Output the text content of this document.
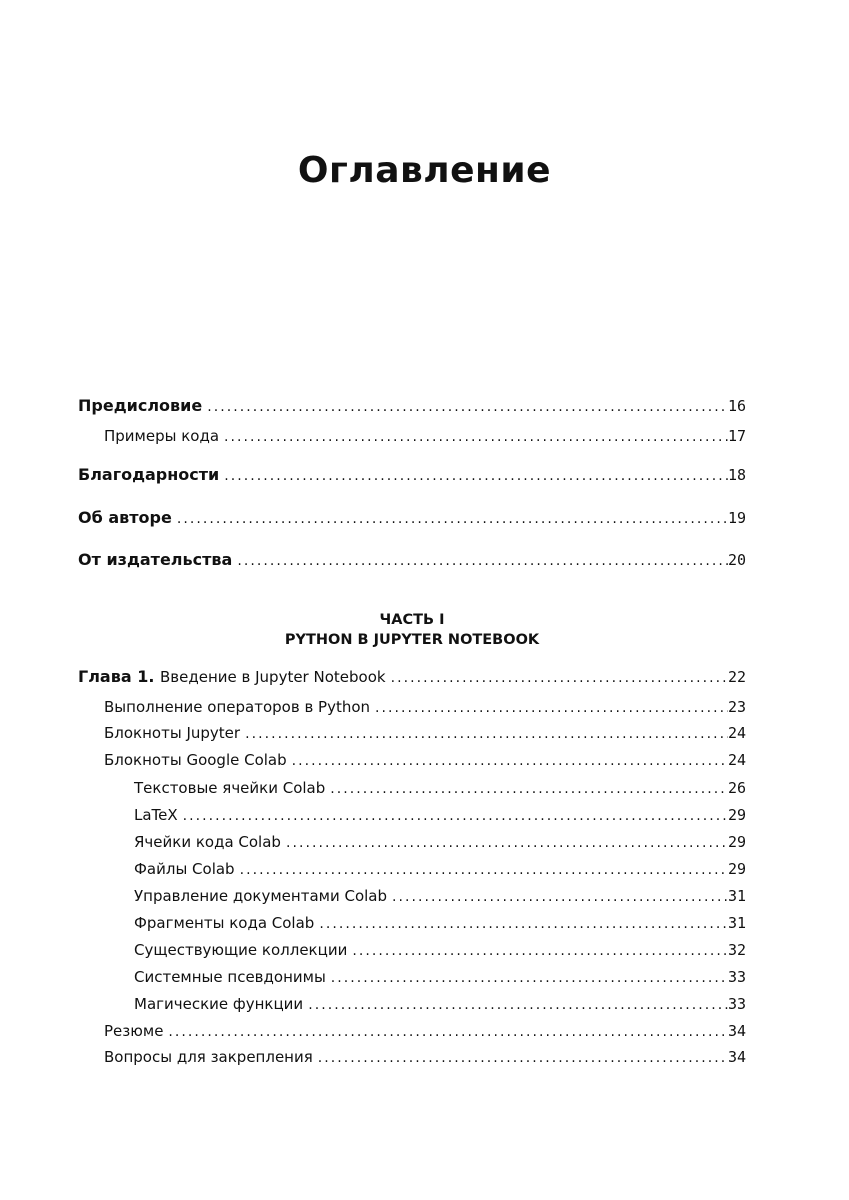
Оглавление
Предисловие . . .	16
Примеры кода . . .	17
Благодарности . . .	18
Об авторе . . .	19
От издательства . . .	20
Глава 1. Введение в Jupyter Notebook . . .	22
Выполнение операторов в Python . . .	23
Блокноты Jupyter . . .	24
Блокноты Google Colab . . .	24
Текстовые ячейки Colab . . .	26
LaTeX . . .	29
Ячейки кода Colab . . .	29
Файлы Colab . . .	29
Управление документами Colab . . .	31
Фрагменты кода Colab . . .	31
Существующие коллекции . . .	32
Системные псевдонимы . . .	33
Магические функции . . .	33
Резюме . . .	34
Вопросы для закрепления . . .	34
ЧАСТЬ I
PYTHON В JUPYTER NOTEBOOK
